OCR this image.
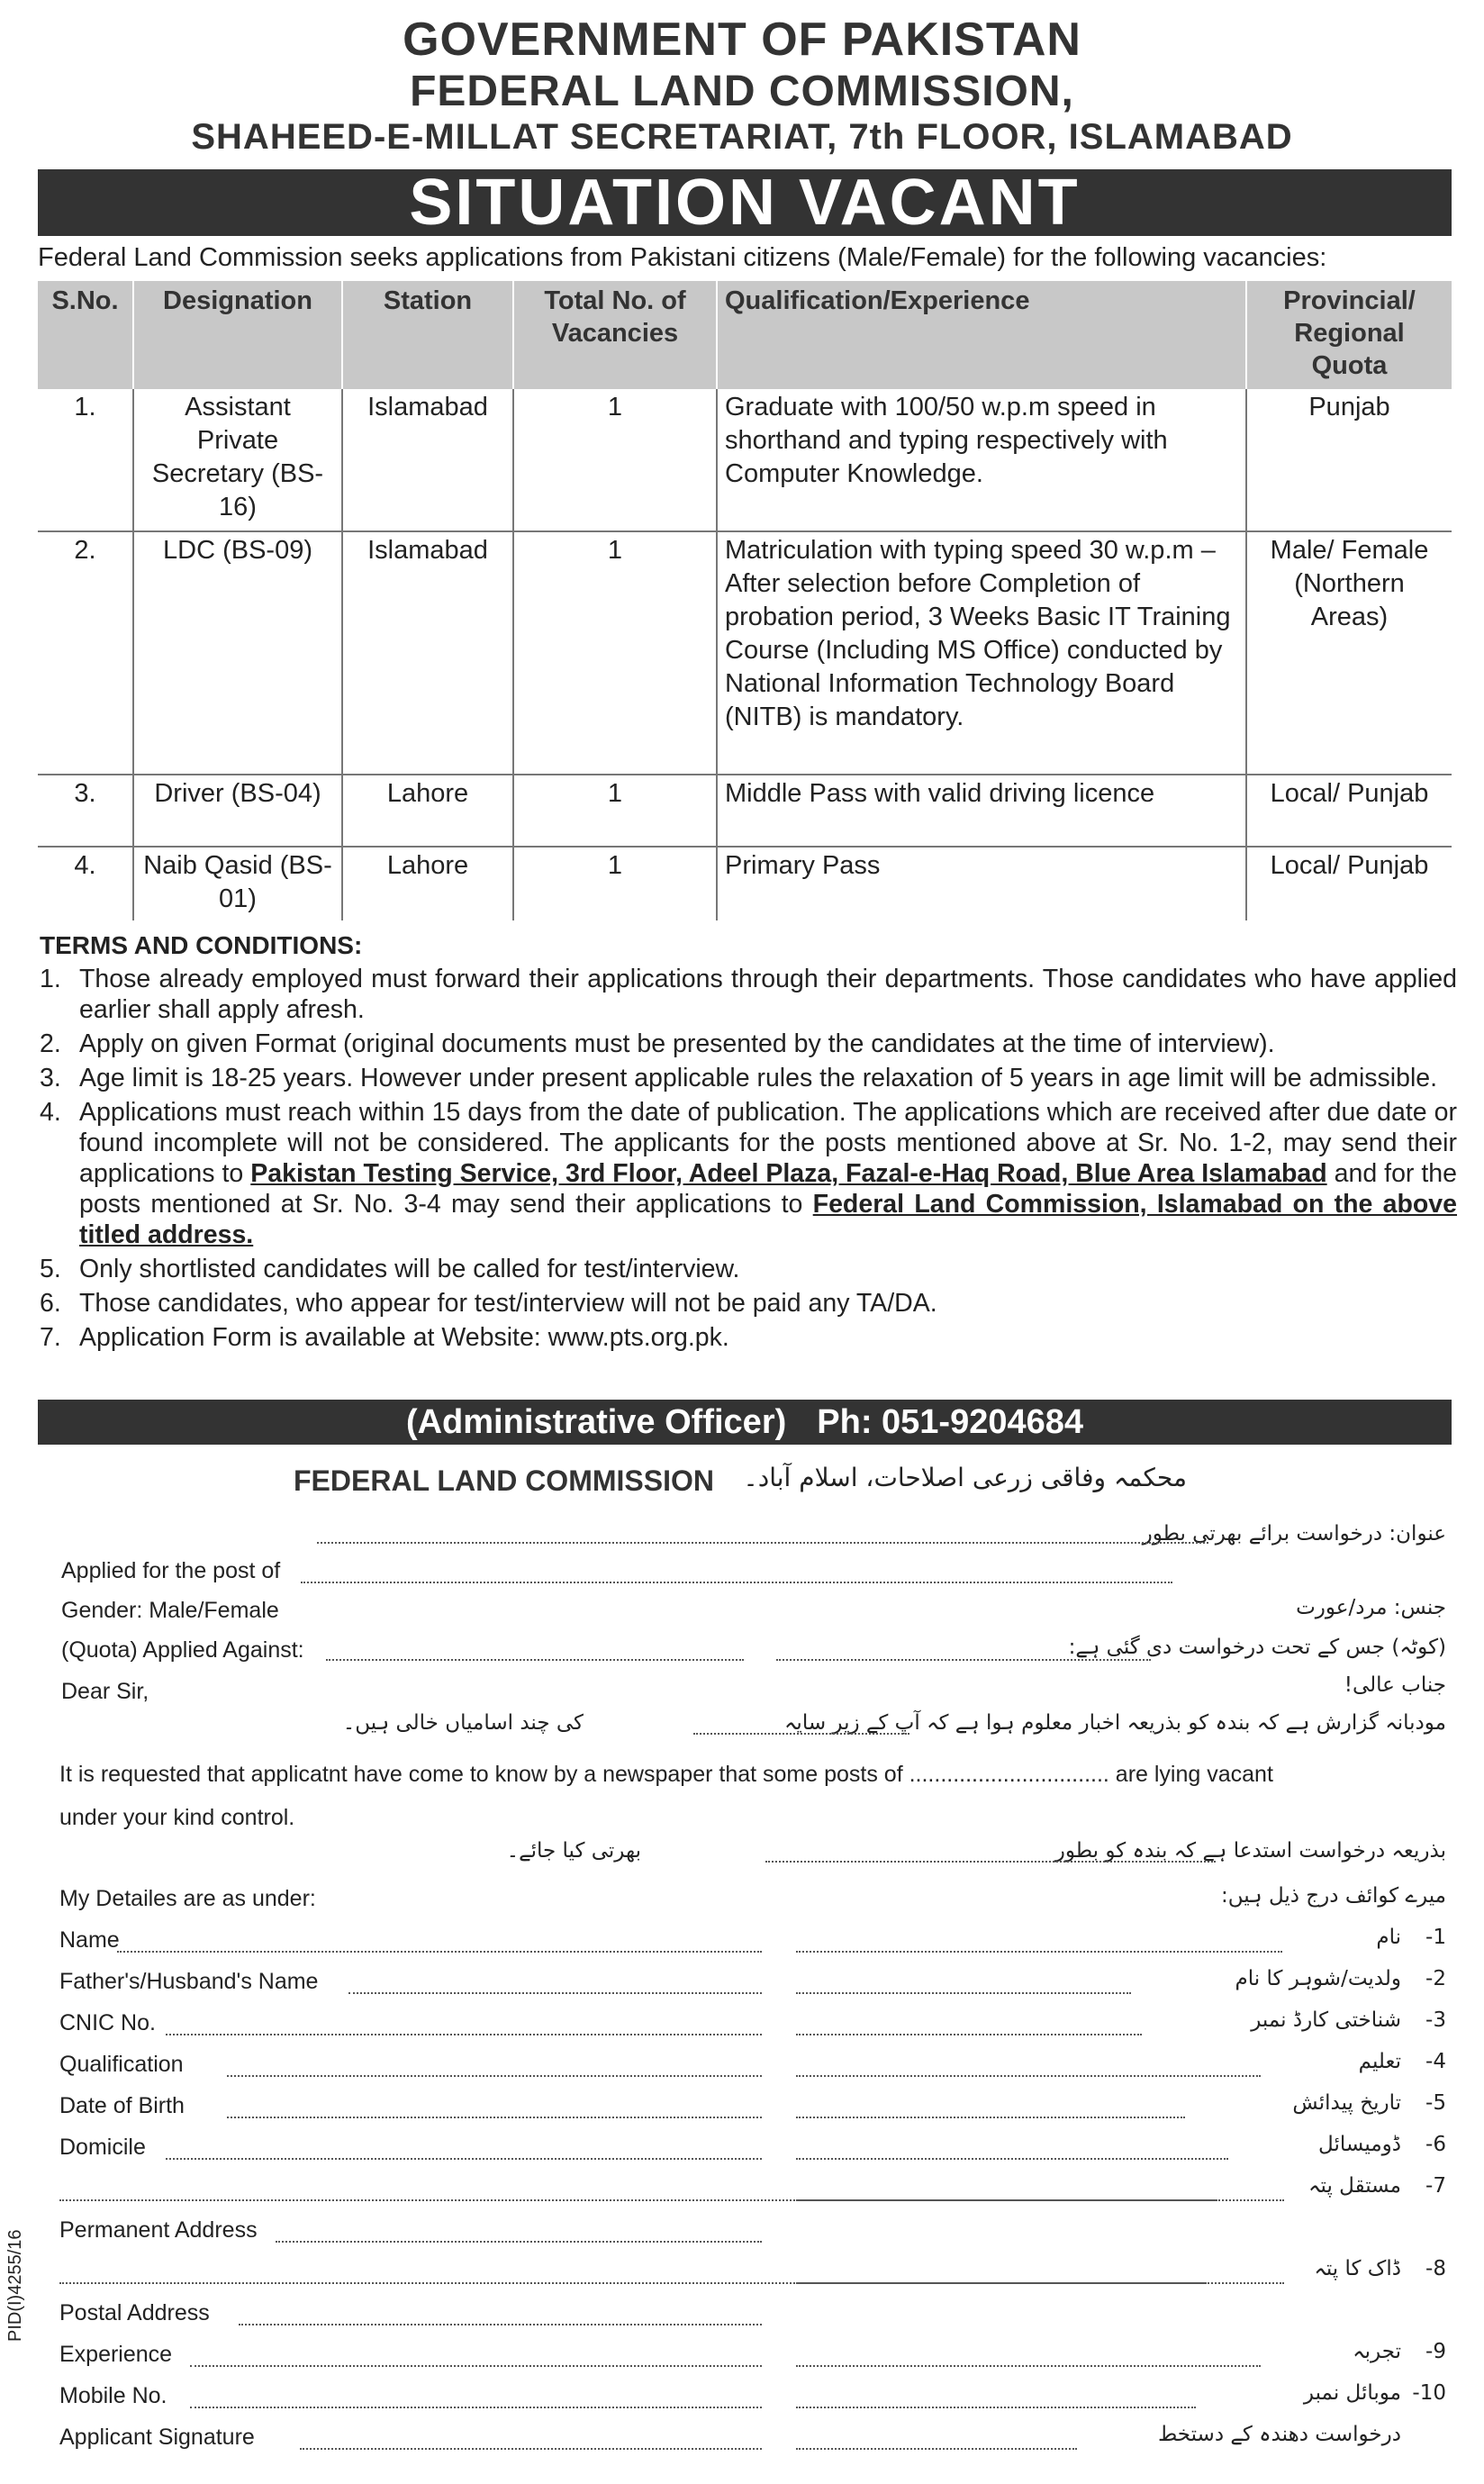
GOVERNMENT OF PAKISTAN
FEDERAL LAND COMMISSION,
SHAHEED-E-MILLAT SECRETARIAT, 7th FLOOR, ISLAMABAD
SITUATION VACANT
Federal Land Commission seeks applications from Pakistani citizens (Male/Female) for the following vacancies:
S.No.	Designation	Station	Total No. of Vacancies	Qualification/Experience	Provincial/ Regional Quota
1.	Assistant Private Secretary (BS-16)	Islamabad	1	Graduate with 100/50 w.p.m speed in shorthand and typing respectively with Computer Knowledge.	Punjab
2.	LDC (BS-09)	Islamabad	1	Matriculation with typing speed 30 w.p.m – After selection before Completion of probation period, 3 Weeks Basic IT Training Course (Including MS Office) conducted by National Information Technology Board (NITB) is mandatory.	Male/ Female (Northern Areas)
3.	Driver (BS-04)	Lahore	1	Middle Pass with valid driving licence	Local/ Punjab
4.	Naib Qasid (BS-01)	Lahore	1	Primary Pass	Local/ Punjab
TERMS AND CONDITIONS:
1. Those already employed must forward their applications through their departments. Those candidates who have applied earlier shall apply afresh.
2. Apply on given Format (original documents must be presented by the candidates at the time of interview).
3. Age limit is 18-25 years. However under present applicable rules the relaxation of 5 years in age limit will be admissible.
4. Applications must reach within 15 days from the date of publication. The applications which are received after due date or found incomplete will not be considered. The applicants for the posts mentioned above at Sr. No. 1-2, may send their applications to Pakistan Testing Service, 3rd Floor, Adeel Plaza, Fazal-e-Haq Road, Blue Area Islamabad and for the posts mentioned at Sr. No. 3-4 may send their applications to Federal Land Commission, Islamabad on the above titled address.
5. Only shortlisted candidates will be called for test/interview.
6. Those candidates, who appear for test/interview will not be paid any TA/DA.
7. Application Form is available at Website: www.pts.org.pk.
(Administrative Officer) Ph: 051-9204684
FEDERAL LAND COMMISSION محکمہ وفاقی زرعی اصلاحات، اسلام آباد۔
عنوان: درخواست برائے بھرتی بطور
Applied for the post of
Gender: Male/Female	جنس: مرد/عورت
(Quota) Applied Against:	(کوٹہ) جس کے تحت درخواست دی گئی ہے:
جناب عالی!
Dear Sir,
مودبانہ گزارش ہے کہ بندہ کو بذریعہ اخبار معلوم ہوا ہے کہ آپ کے زیر سایہ
کی چند اسامیاں خالی ہیں۔
It is requested that applicatnt have come to know by a newspaper that some posts of ................................ are lying vacant
under your kind control.
بذریعہ درخواست استدعا ہے کہ بندہ کو بطور
بھرتی کیا جائے۔
My Detailes are as under:	میرے کوائف درج ذیل ہیں:
Name	1-
نام
Father's/Husband's Name	2-
ولدیت/شوہر کا نام
CNIC No.	3-
شناختی کارڈ نمبر
Qualification	4-
تعلیم
Date of Birth	5-
تاریخ پیدائش
Domicile	6-
ڈومیسائل
7-
مستقل پتہ
Permanent Address
8-
ڈاک کا پتہ
Postal Address
Experience	9-
تجربہ
Mobile No.	10-
موبائل نمبر
Applicant Signature	درخواست دھندہ کے دستخط
PID(I)4255/16
